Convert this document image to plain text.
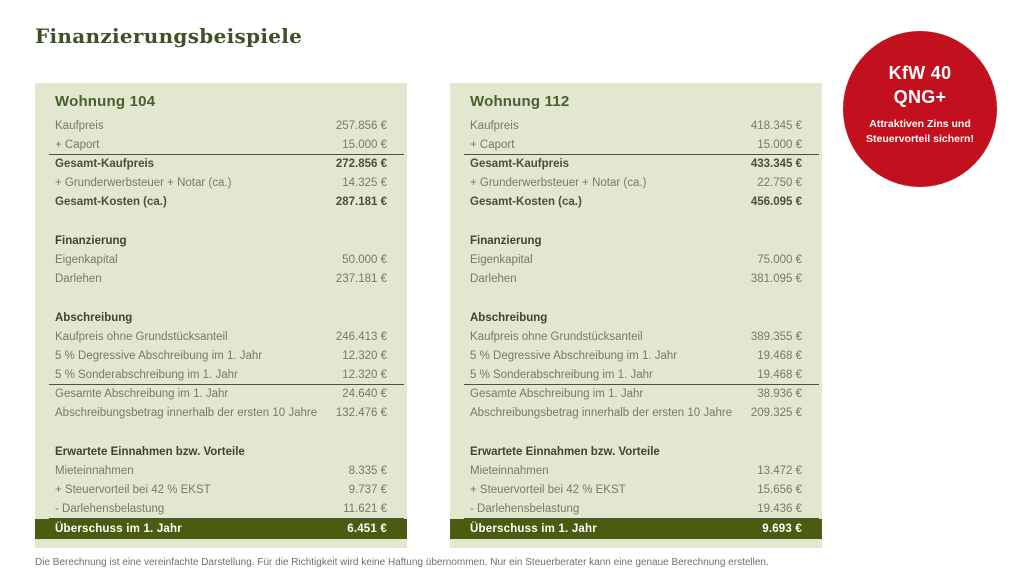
Finanzierungsbeispiele
Wohnung 104
Kaufpreis	257.856 €
+ Caport	15.000 €
Gesamt-Kaufpreis	272.856 €
+ Grunderwerbsteuer + Notar (ca.)	14.325 €
Gesamt-Kosten (ca.)	287.181 €
Finanzierung
Eigenkapital	50.000 €
Darlehen	237.181 €
Abschreibung
Kaufpreis ohne Grundstücksanteil	246.413 €
5 % Degressive Abschreibung im 1. Jahr	12.320 €
5 % Sonderabschreibung im 1. Jahr	12.320 €
Gesamte Abschreibung im 1. Jahr	24.640 €
Abschreibungsbetrag innerhalb der ersten 10 Jahre 132.476 €
Erwartete Einnahmen bzw. Vorteile
Mieteinnahmen	8.335 €
+ Steuervorteil bei 42 % EKST	9.737 €
- Darlehensbelastung	11.621 €
Überschuss im 1. Jahr	6.451 €
Wohnung 112
Kaufpreis	418.345 €
+ Caport	15.000 €
Gesamt-Kaufpreis	433.345 €
+ Grunderwerbsteuer + Notar (ca.)	22.750 €
Gesamt-Kosten (ca.)	456.095 €
Finanzierung
Eigenkapital	75.000 €
Darlehen	381.095 €
Abschreibung
Kaufpreis ohne Grundstücksanteil	389.355 €
5 % Degressive Abschreibung im 1. Jahr	19.468 €
5 % Sonderabschreibung im 1. Jahr	19.468 €
Gesamte Abschreibung im 1. Jahr	38.936 €
Abschreibungsbetrag innerhalb der ersten 10 Jahre 209.325 €
Erwartete Einnahmen bzw. Vorteile
Mieteinnahmen	13.472 €
+ Steuervorteil bei 42 % EKST	15.656 €
- Darlehensbelastung	19.436 €
Überschuss im 1. Jahr	9.693 €
KfW 40
QNG+
Attraktiven Zins und Steuervorteil sichern!
Die Berechnung ist eine vereinfachte Darstellung. Für die Richtigkeit wird keine Haftung übernommen. Nur ein Steuerberater kann eine genaue Berechnung erstellen.
